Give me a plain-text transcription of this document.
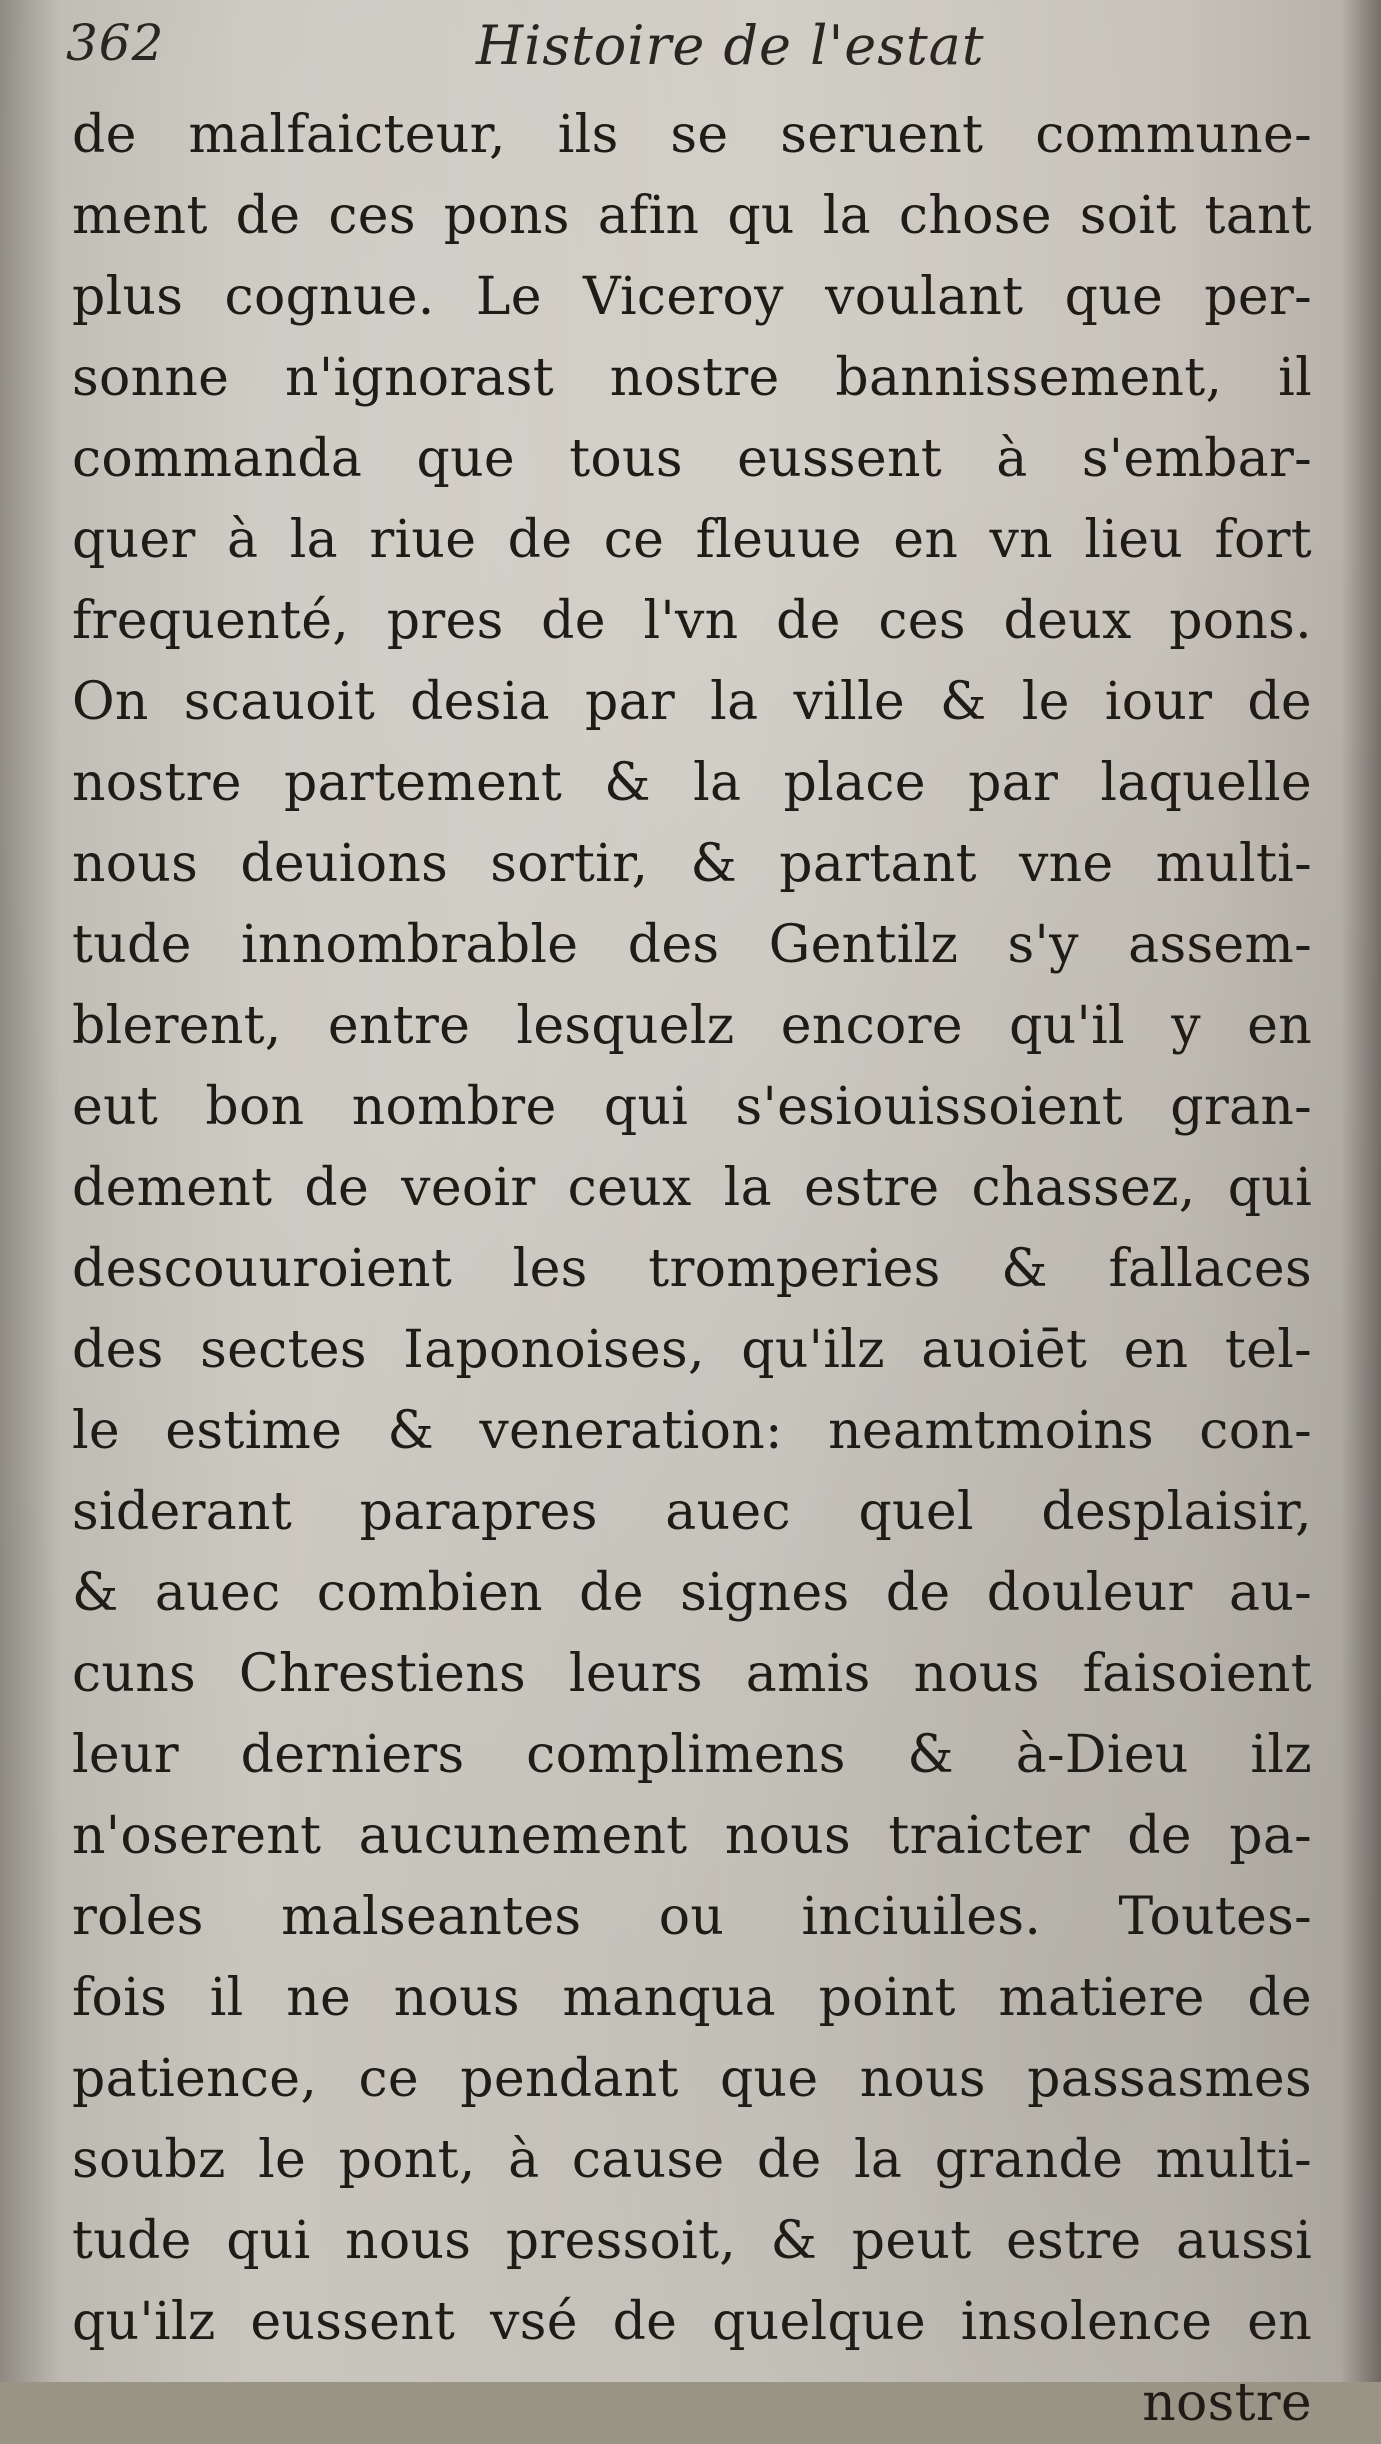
362	Histoire de l'estat
de malfaicteur, ils se seruent commune-
ment de ces pons afin qu la chose soit tant
plus cognue. Le Viceroy voulant que per-
sonne n'ignorast nostre bannissement, il
commanda que tous eussent à s'embar-
quer à la riue de ce fleuue en vn lieu fort
frequenté, pres de l'vn de ces deux pons.
On scauoit desia par la ville & le iour de
nostre partement & la place par laquelle
nous deuions sortir, & partant vne multi-
tude innombrable des Gentilz s'y assem-
blerent, entre lesquelz encore qu'il y en
eut bon nombre qui s'esiouissoient gran-
dement de veoir ceux la estre chassez, qui
descouuroient les tromperies & fallaces
des sectes Iaponoises, qu'ilz auoiēt en tel-
le estime & veneration: neamtmoins con-
siderant parapres auec quel desplaisir,
& auec combien de signes de douleur au-
cuns Chrestiens leurs amis nous faisoient
leur derniers complimens & à-Dieu ilz
n'oserent aucunement nous traicter de pa-
roles malseantes ou inciuiles. Toutes-
fois il ne nous manqua point matiere de
patience, ce pendant que nous passasmes
soubz le pont, à cause de la grande multi-
tude qui nous pressoit, & peut estre aussi
qu'ilz eussent vsé de quelque insolence en
nostre
